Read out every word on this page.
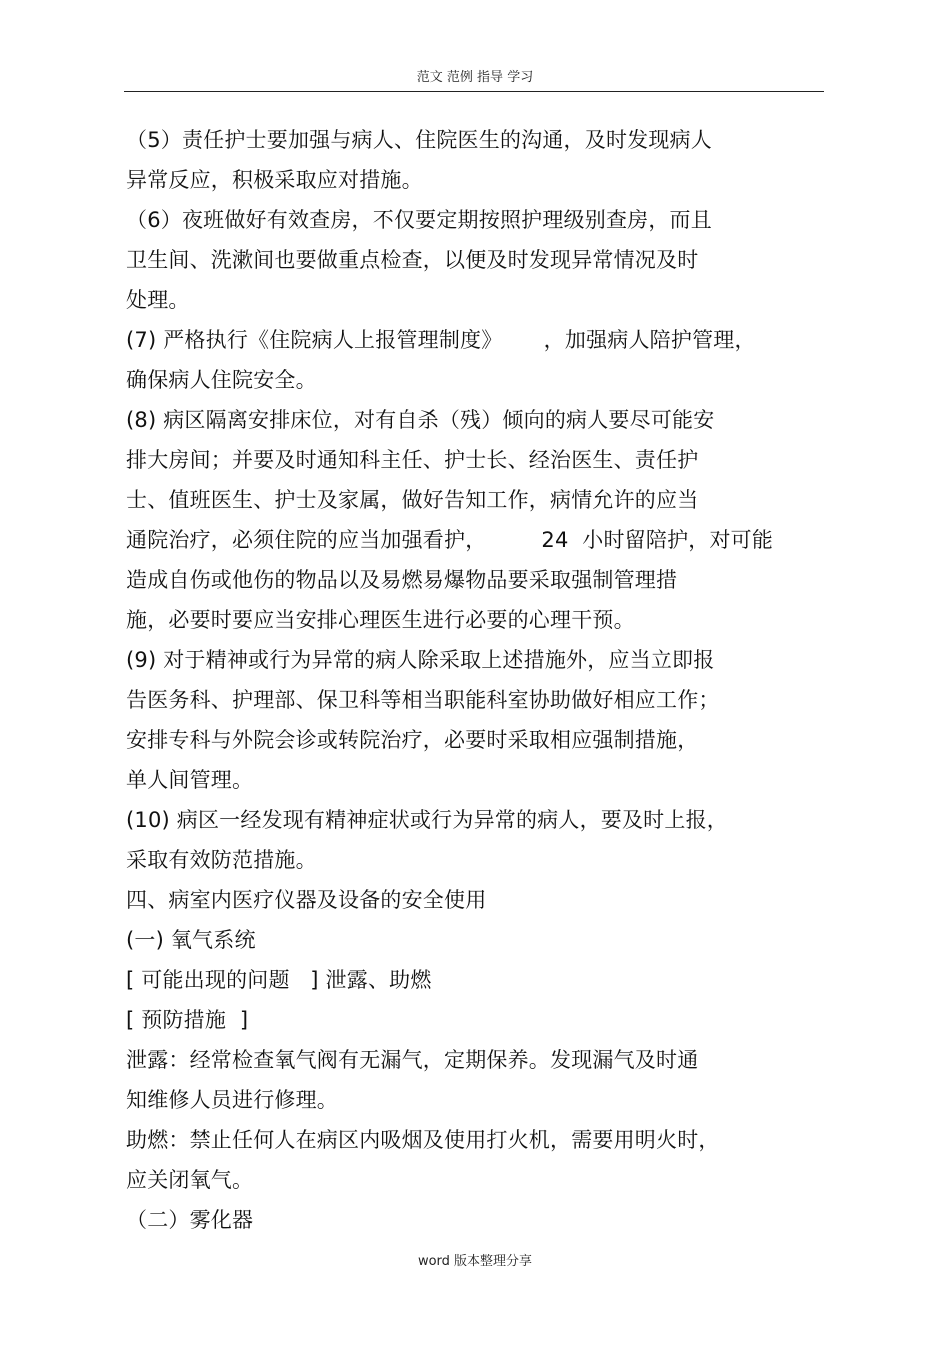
范文 范例 指导 学习
（5）责任护士要加强与病人、住院医生的沟通，及时发现病人
异常反应，积极采取应对措施。
（6）夜班做好有效查房，不仅要定期按照护理级别查房，而且
卫生间、洗漱间也要做重点检查，以便及时发现异常情况及时
处理。
(7) 严格执行《住院病人上报管理制度》      ，加强病人陪护管理，
确保病人住院安全。
(8) 病区隔离安排床位，对有自杀（残）倾向的病人要尽可能安
排大房间；并要及时通知科主任、护士长、经治医生、责任护
士、值班医生、护士及家属，做好告知工作，病情允许的应当
通院治疗，必须住院的应当加强看护，        24  小时留陪护，对可能
造成自伤或他伤的物品以及易燃易爆物品要采取强制管理措
施，必要时要应当安排心理医生进行必要的心理干预。
(9) 对于精神或行为异常的病人除采取上述措施外，应当立即报
告医务科、护理部、保卫科等相当职能科室协助做好相应工作；
安排专科与外院会诊或转院治疗，必要时采取相应强制措施，
单人间管理。
(10) 病区一经发现有精神症状或行为异常的病人，要及时上报，
采取有效防范措施。
四、病室内医疗仪器及设备的安全使用
(一) 氧气系统
[ 可能出现的问题   ] 泄露、助燃
[ 预防措施  ]
泄露：经常检查氧气阀有无漏气，定期保养。发现漏气及时通
知维修人员进行修理。
助燃：禁止任何人在病区内吸烟及使用打火机，需要用明火时，
应关闭氧气。
（二）雾化器
word 版本整理分享
